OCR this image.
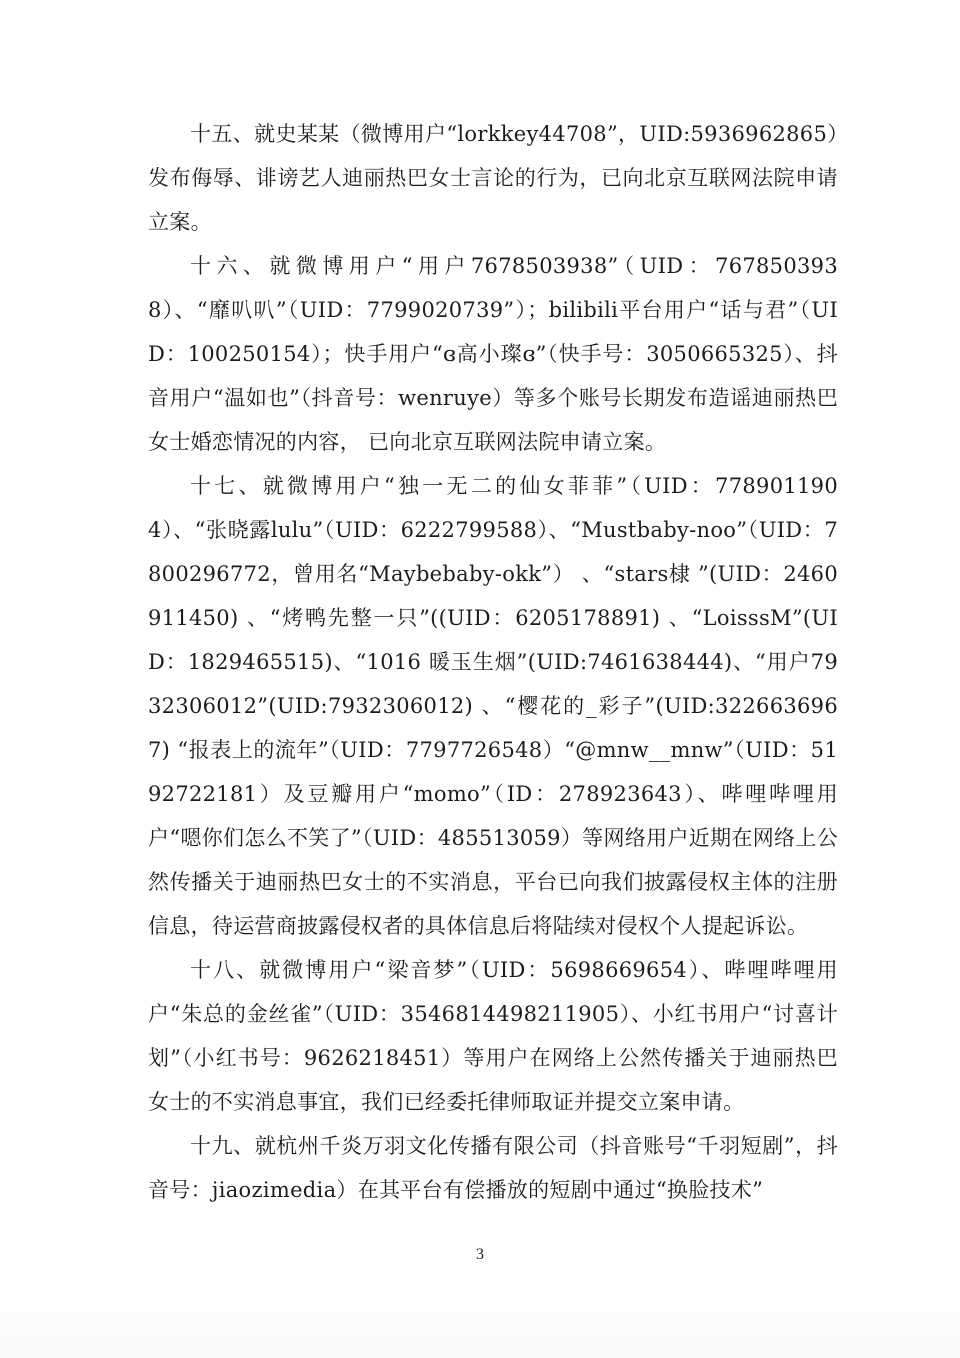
十五、就史某某（微博用户“lorkkey44708”，UID:5936962865）发布侮辱、诽谤艺人迪丽热巴女士言论的行为，已向北京互联网法院申请立案。

十六、就微博用户“用户7678503938”（UID：7678503938）、“靡叭叭”（UID：7799020739”）；bilibili平台用户“话与君”（UID：100250154）；快手用户“ɞ高小璨ɞ”（快手号：3050665325）、抖音用户“温如也”（抖音号：wenruye）等多个账号长期发布造谣迪丽热巴女士婚恋情况的内容， 已向北京互联网法院申请立案。

十七、就微博用户“独一无二的仙女菲菲”（UID：7789011904）、“张晓露lulu”（UID：6222799588）、“Mustbaby-noo”（UID：7800296772，曾用名“Maybebaby-okk”） 、“stars棣 ”(UID：2460911450) 、“烤鸭先整一只”((UID：6205178891) 、“LoisssM”(UID：1829465515)、“1016 暖玉生烟”(UID:7461638444)、“用户7932306012”(UID:7932306012) 、“樱花的_彩子”(UID:3226636967) “报表上的流年”（UID：7797726548）“@mnw__mnw”（UID：5192722181）及豆瓣用户“momo”（ID：278923643）、哔哩哔哩用户“嗯你们怎么不笑了”（UID：485513059）等网络用户近期在网络上公然传播关于迪丽热巴女士的不实消息，平台已向我们披露侵权主体的注册信息，待运营商披露侵权者的具体信息后将陆续对侵权个人提起诉讼。

十八、就微博用户“梁音梦”（UID：5698669654）、哔哩哔哩用户“朱总的金丝雀”（UID：3546814498211905）、小红书用户“讨喜计划”（小红书号：9626218451）等用户在网络上公然传播关于迪丽热巴女士的不实消息事宜，我们已经委托律师取证并提交立案申请。

十九、就杭州千炎万羽文化传播有限公司（抖音账号“千羽短剧”，抖音号：jiaozimedia）在其平台有偿播放的短剧中通过“换脸技术”

3
